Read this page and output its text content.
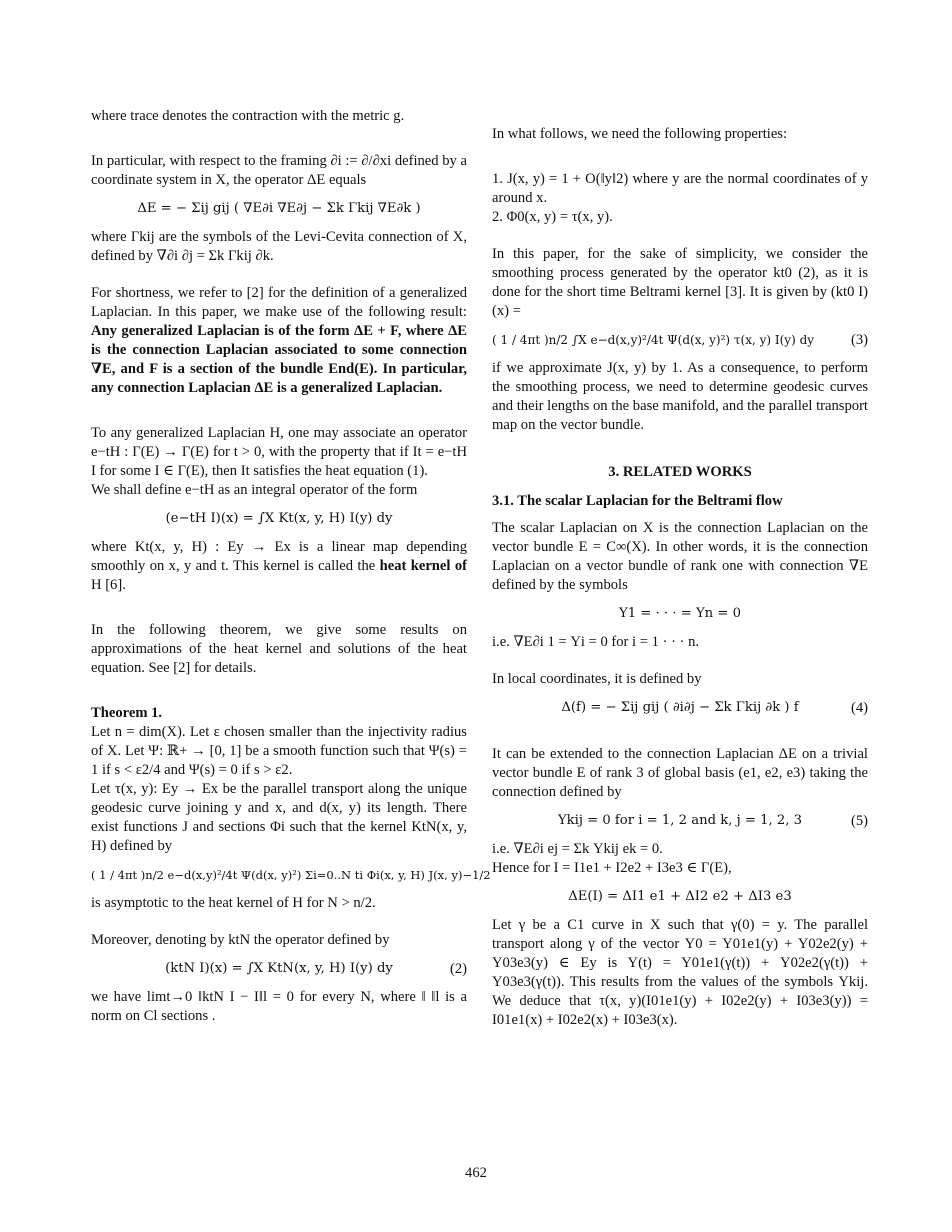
where trace denotes the contraction with the metric g.

In particular, with respect to the framing ∂i := ∂/∂xi defined by a coordinate system in X, the operator ΔE equals

ΔE = − Σij gij ( ∇E∂i ∇E∂j − Σk Γkij ∇E∂k )

where Γkij are the symbols of the Levi-Cevita connection of X, defined by ∇∂i ∂j = Σk Γkij ∂k.

For shortness, we refer to [2] for the definition of a generalized Laplacian. In this paper, we make use of the following result: Any generalized Laplacian is of the form ΔE + F, where ΔE is the connection Laplacian associated to some connection ∇E, and F is a section of the bundle End(E). In particular, any connection Laplacian ΔE is a generalized Laplacian.

To any generalized Laplacian H, one may associate an operator e−tH : Γ(E) → Γ(E) for t > 0, with the property that if It = e−tH I for some I ∈ Γ(E), then It satisfies the heat equation (1).

We shall define e−tH as an integral operator of the form

(e−tH I)(x) = ∫X Kt(x, y, H) I(y) dy

where Kt(x, y, H) : Ey → Ex is a linear map depending smoothly on x, y and t. This kernel is called the heat kernel of H [6].

In the following theorem, we give some results on approximations of the heat kernel and solutions of the heat equation. See [2] for details.

Theorem 1.

Let n = dim(X). Let ε chosen smaller than the injectivity radius of X. Let Ψ: ℝ+ → [0, 1] be a smooth function such that Ψ(s) = 1 if s < ε2/4 and Ψ(s) = 0 if s > ε2.

Let τ(x, y): Ey → Ex be the parallel transport along the unique geodesic curve joining y and x, and d(x, y) its length. There exist functions J and sections Φi such that the kernel KtN(x, y, H) defined by

( 1 / 4πt )n/2 e−d(x,y)²/4t Ψ(d(x, y)²) Σi=0..N ti Φi(x, y, H) J(x, y)−1/2

is asymptotic to the heat kernel of H for N > n/2.

Moreover, denoting by ktN the operator defined by

(ktN I)(x) = ∫X KtN(x, y, H) I(y) dy	(2)

we have limt→0 ‖ktN I − I‖l = 0 for every N, where ‖ ‖l is a norm on Cl sections .

In what follows, we need the following properties:

1. J(x, y) = 1 + O(‖y‖2) where y are the normal coordinates of y around x.

2. Φ0(x, y) = τ(x, y).

In this paper, for the sake of simplicity, we consider the smoothing process generated by the operator kt0 (2), as it is done for the short time Beltrami kernel [3]. It is given by (kt0 I)(x) =

( 1 / 4πt )n/2 ∫X e−d(x,y)²/4t Ψ(d(x, y)²) τ(x, y) I(y) dy	(3)

if we approximate J(x, y) by 1. As a consequence, to perform the smoothing process, we need to determine geodesic curves and their lengths on the base manifold, and the parallel transport map on the vector bundle.

3. RELATED WORKS

3.1. The scalar Laplacian for the Beltrami flow

The scalar Laplacian on X is the connection Laplacian on the vector bundle E = C∞(X). In other words, it is the connection Laplacian on a vector bundle of rank one with connection ∇E defined by the symbols

Υ1 = · · · = Υn = 0

i.e. ∇E∂i 1 = Υi = 0 for i = 1 · · · n.

In local coordinates, it is defined by

Δ(f) = − Σij gij ( ∂i∂j − Σk Γkij ∂k ) f	(4)

It can be extended to the connection Laplacian ΔE on a trivial vector bundle E of rank 3 of global basis (e1, e2, e3) taking the connection defined by

Υkij = 0 for i = 1, 2 and k, j = 1, 2, 3	(5)

i.e. ∇E∂i ej = Σk Υkij ek = 0.

Hence for I = I1e1 + I2e2 + I3e3 ∈ Γ(E),

ΔE(I) = ΔI1 e1 + ΔI2 e2 + ΔI3 e3

Let γ be a C1 curve in X such that γ(0) = y. The parallel transport along γ of the vector Y0 = Y01e1(y) + Y02e2(y) + Y03e3(y) ∈ Ey is Y(t) = Y01e1(γ(t)) + Y02e2(γ(t)) + Y03e3(γ(t)). This results from the values of the symbols Υkij. We deduce that τ(x, y)(I01e1(y) + I02e2(y) + I03e3(y)) = I01e1(x) + I02e2(x) + I03e3(x).

462
